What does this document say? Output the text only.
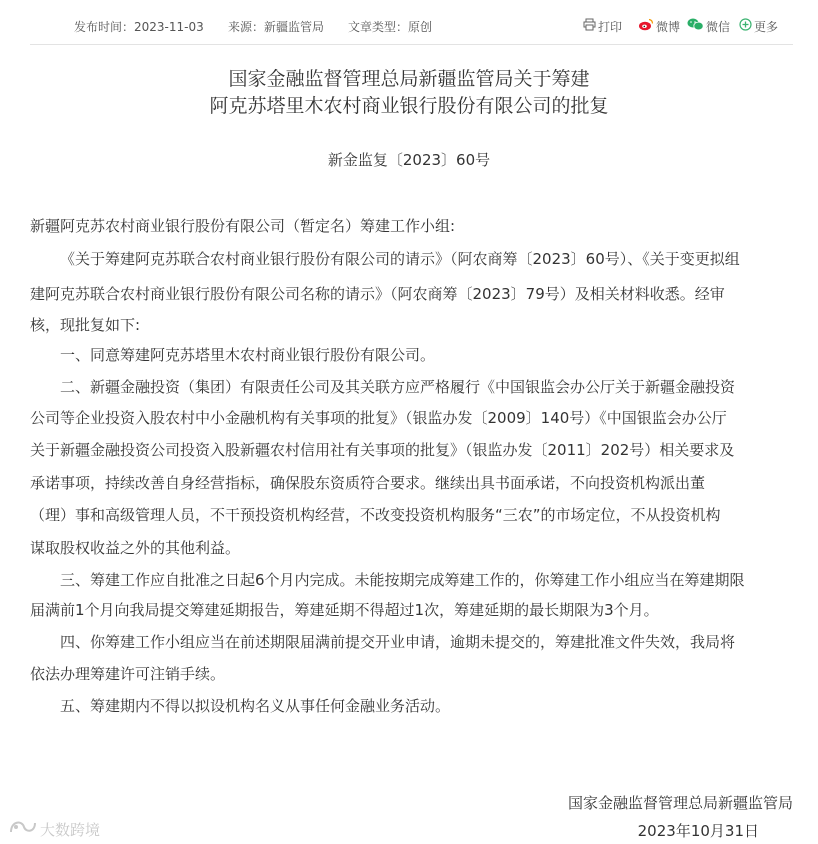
发布时间：2023-11-03 来源：新疆监管局 文章类型：原创	打印	微博 微信 更多
国家金融监督管理总局新疆监管局关于筹建
阿克苏塔里木农村商业银行股份有限公司的批复
新金监复〔2023〕60号
新疆阿克苏农村商业银行股份有限公司（暂定名）筹建工作小组:
《关于筹建阿克苏联合农村商业银行股份有限公司的请示》（阿农商筹〔2023〕60号）、《关于变更拟组
建阿克苏联合农村商业银行股份有限公司名称的请示》（阿农商筹〔2023〕79号）及相关材料收悉。经审
核，现批复如下:
一、同意筹建阿克苏塔里木农村商业银行股份有限公司。
二、新疆金融投资（集团）有限责任公司及其关联方应严格履行《中国银监会办公厅关于新疆金融投资
公司等企业投资入股农村中小金融机构有关事项的批复》（银监办发〔2009〕140号）《中国银监会办公厅
关于新疆金融投资公司投资入股新疆农村信用社有关事项的批复》（银监办发〔2011〕202号）相关要求及
承诺事项，持续改善自身经营指标，确保股东资质符合要求。继续出具书面承诺，不向投资机构派出董
（理）事和高级管理人员，不干预投资机构经营，不改变投资机构服务“三农”的市场定位，不从投资机构
谋取股权收益之外的其他利益。
三、筹建工作应自批准之日起6个月内完成。未能按期完成筹建工作的，你筹建工作小组应当在筹建期限
届满前1个月向我局提交筹建延期报告，筹建延期不得超过1次，筹建延期的最长期限为3个月。
四、你筹建工作小组应当在前述期限届满前提交开业申请，逾期未提交的，筹建批准文件失效，我局将
依法办理筹建许可注销手续。
五、筹建期内不得以拟设机构名义从事任何金融业务活动。
国家金融监督管理总局新疆监管局
2023年10月31日
大数跨境
